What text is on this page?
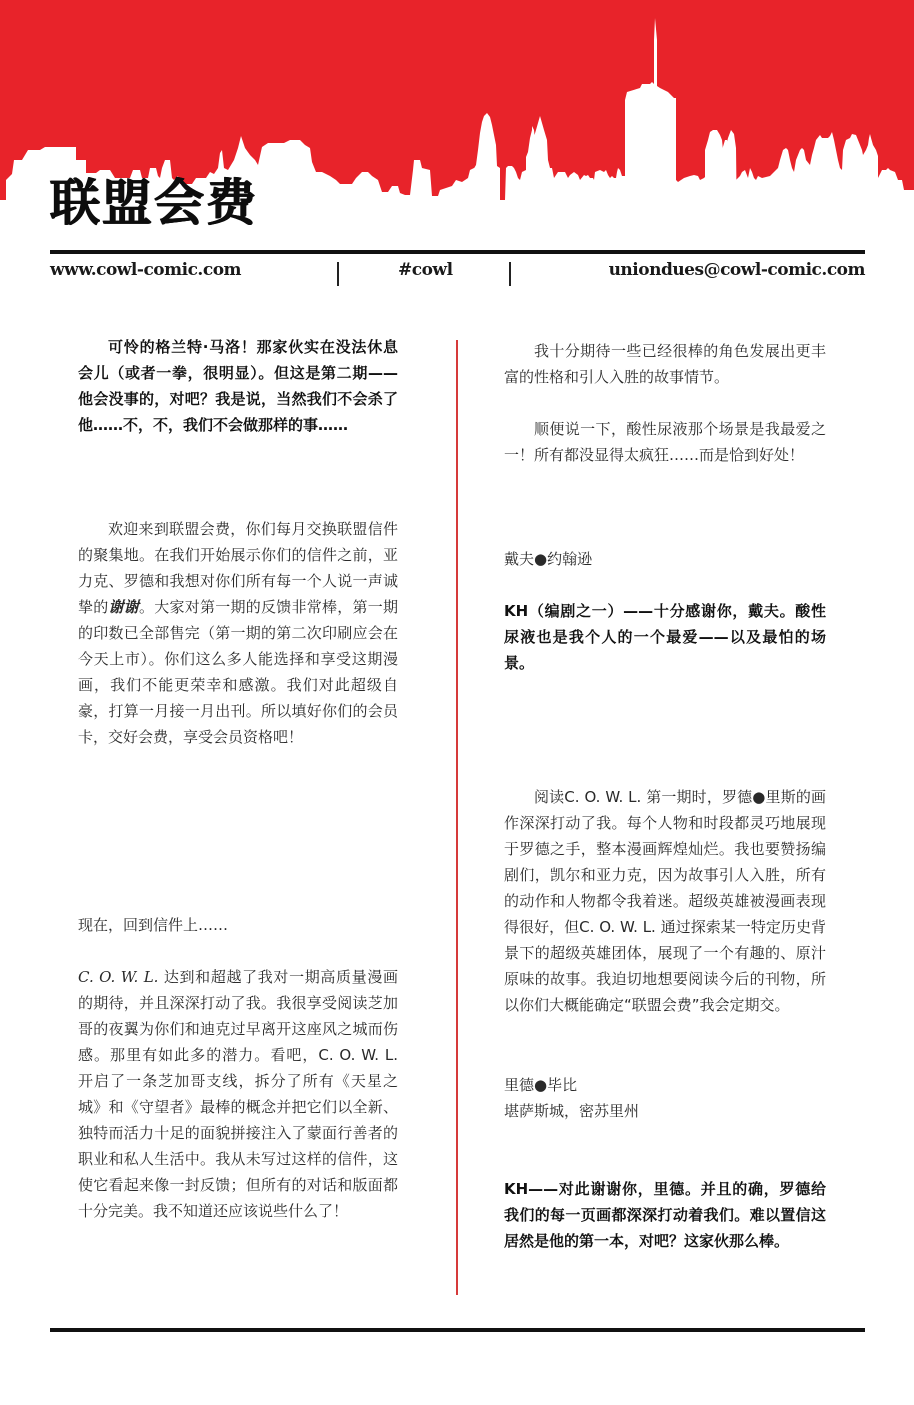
联盟会费
www.cowl-comic.com	#cowl	uniondues@cowl-comic.com

可怜的格兰特·马洛！那家伙实在没法休息会儿（或者一拳，很明显）。但这是第二期——他会没事的，对吧？我是说，当然我们不会杀了他……不，不，我们不会做那样的事……

欢迎来到联盟会费，你们每月交换联盟信件的聚集地。在我们开始展示你们的信件之前，亚力克、罗德和我想对你们所有每一个人说一声诚挚的谢谢。大家对第一期的反馈非常棒，第一期的印数已全部售完（第一期的第二次印刷应会在今天上市）。你们这么多人能选择和享受这期漫画，我们不能更荣幸和感激。我们对此超级自豪，打算一月接一月出刊。所以填好你们的会员卡，交好会费，享受会员资格吧！

现在，回到信件上……

C. O. W. L. 达到和超越了我对一期高质量漫画的期待，并且深深打动了我。我很享受阅读芝加哥的夜翼为你们和迪克过早离开这座风之城而伤感。那里有如此多的潜力。看吧，C. O. W. L. 开启了一条芝加哥支线，拆分了所有《天星之城》和《守望者》最棒的概念并把它们以全新、独特而活力十足的面貌拼接注入了蒙面行善者的职业和私人生活中。我从未写过这样的信件，这使它看起来像一封反馈；但所有的对话和版面都十分完美。我不知道还应该说些什么了！

我十分期待一些已经很棒的角色发展出更丰富的性格和引人入胜的故事情节。

顺便说一下，酸性尿液那个场景是我最爱之一！所有都没显得太疯狂……而是恰到好处！

戴夫●约翰逊

KH（编剧之一）——十分感谢你，戴夫。酸性尿液也是我个人的一个最爱——以及最怕的场景。

阅读C. O. W. L. 第一期时，罗德●里斯的画作深深打动了我。每个人物和时段都灵巧地展现于罗德之手，整本漫画辉煌灿烂。我也要赞扬编剧们，凯尔和亚力克，因为故事引人入胜，所有的动作和人物都令我着迷。超级英雄被漫画表现得很好，但C. O. W. L. 通过探索某一特定历史背景下的超级英雄团体，展现了一个有趣的、原汁原味的故事。我迫切地想要阅读今后的刊物，所以你们大概能确定“联盟会费”我会定期交。

里德●毕比

堪萨斯城，密苏里州

KH——对此谢谢你，里德。并且的确，罗德给我们的每一页画都深深打动着我们。难以置信这居然是他的第一本，对吧？这家伙那么棒。
